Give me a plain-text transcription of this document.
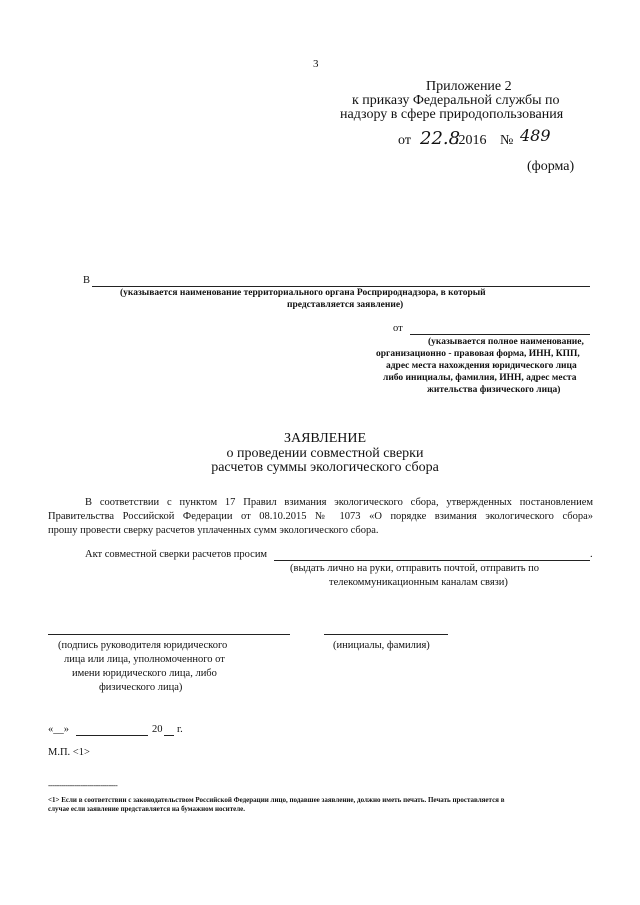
3
Приложение 2
к приказу Федеральной службы по
надзору в сфере природопользования
от 22.8
.2016 № 489
(форма)
В
(указывается наименование территориального органа Росприроднадзора, в который
представляется заявление)
от
(указывается полное наименование,
организационно - правовая форма, ИНН, КПП,
адрес места нахождения юридического лица
либо инициалы, фамилия, ИНН, адрес места
жительства физического лица)
ЗАЯВЛЕНИЕ
о проведении совместной сверки
расчетов суммы экологического сбора
В соответствии с пунктом 17 Правил взимания экологического сбора, утвержденных постановлением
Правительства Российской Федерации от 08.10.2015 № 1073 «О порядке взимания экологического сбора»
прошу провести сверку расчетов уплаченных сумм экологического сбора.
Акт совместной сверки расчетов просим	.
(выдать лично на руки, отправить почтой, отправить по
телекоммуникационным каналам связи)
(подпись руководителя юридического
лица или лица, уполномоченного от
имени юридического лица, либо
физического лица)
(инициалы, фамилия)
«__»	20 г.
М.П. <1>
--------------------------------
<1> Если в соответствии с законодательством Российской Федерации лицо, подавшее заявление, должно иметь печать. Печать проставляется в
случае если заявление представляется на бумажном носителе.
